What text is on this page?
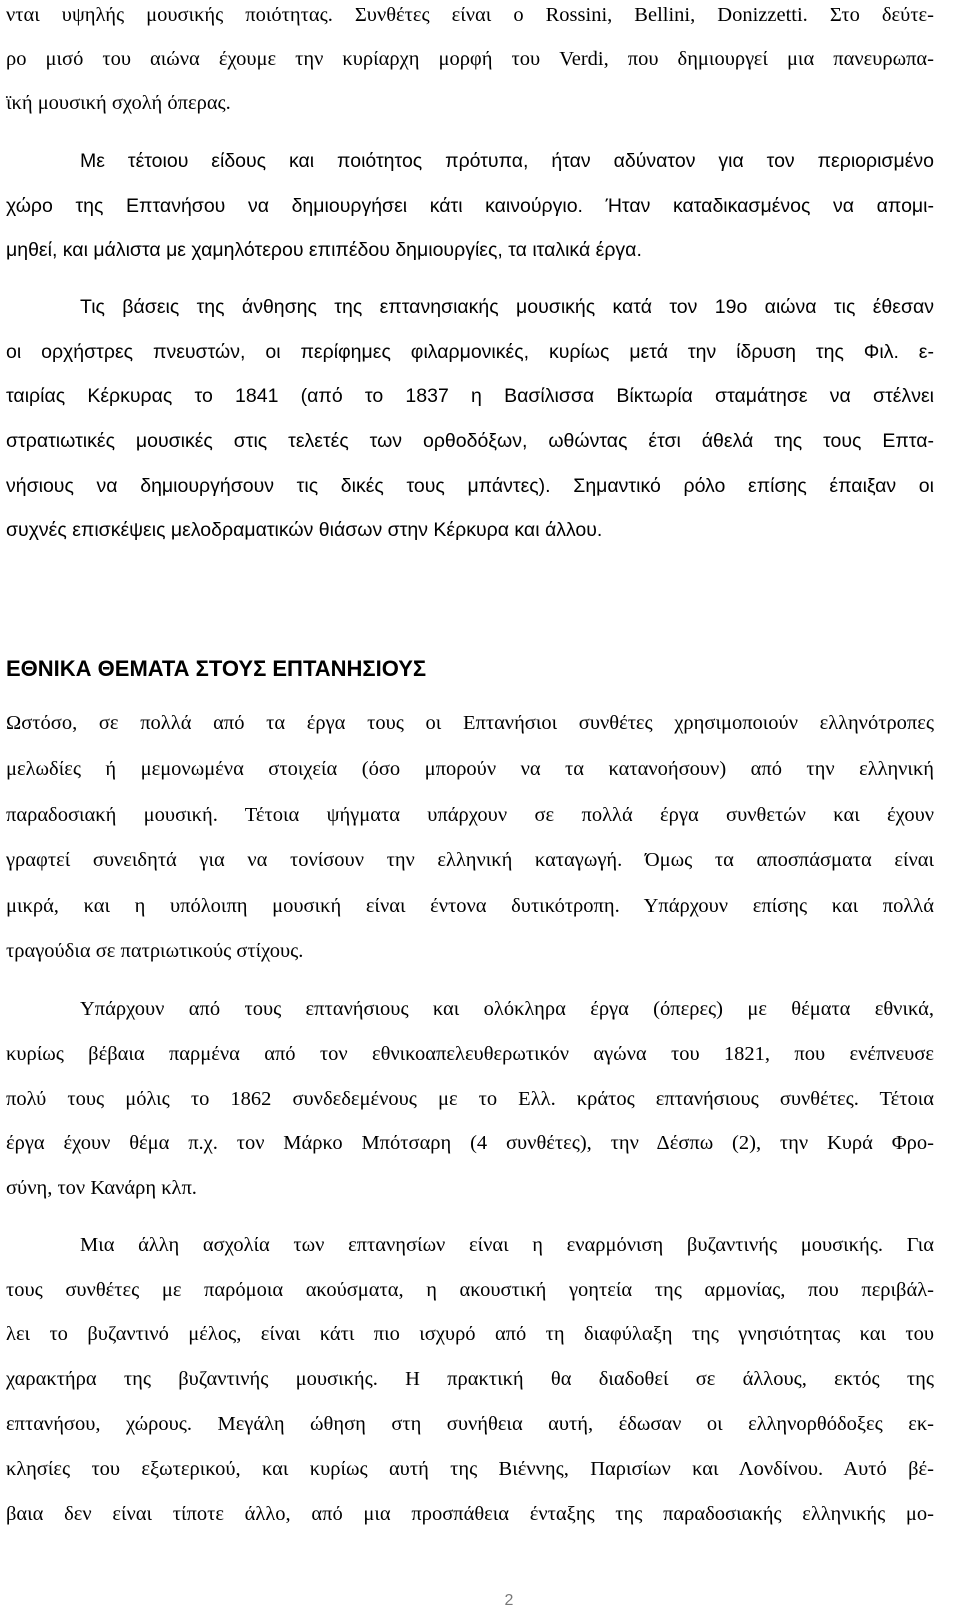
νται υψηλής μουσικής ποιότητας. Συνθέτες είναι ο Rossini, Bellini, Donizzetti. Στο δεύτε-
ρο μισό του αιώνα έχουμε την κυρίαρχη μορφή του Verdi, που δημιουργεί μια πανευρωπα-
ϊκή μουσική σχολή όπερας.
Με τέτοιου είδους και ποιότητος πρότυπα, ήταν αδύνατον για τον περιορισμένο
χώρο της Επτανήσου να δημιουργήσει κάτι καινούργιο. Ήταν καταδικασμένος να απομι-
μηθεί, και μάλιστα με χαμηλότερου επιπέδου δημιουργίες, τα ιταλικά έργα.
Τις βάσεις της άνθησης της επτανησιακής μουσικής κατά τον 19ο αιώνα τις έθεσαν
οι ορχήστρες πνευστών, οι περίφημες φιλαρμονικές, κυρίως μετά την ίδρυση της Φιλ. ε-
ταιρίας Κέρκυρας το 1841 (από το 1837 η Βασίλισσα Βίκτωρία σταμάτησε να στέλνει
στρατιωτικές μουσικές στις τελετές των ορθοδόξων, ωθώντας έτσι άθελά της τους Επτα-
νήσιους να δημιουργήσουν τις δικές τους μπάντες). Σημαντικό ρόλο επίσης έπαιξαν οι
συχνές επισκέψεις μελοδραματικών θιάσων στην Κέρκυρα και άλλου.
ΕΘΝΙΚΑ ΘΕΜΑΤΑ ΣΤΟΥΣ ΕΠΤΑΝΗΣΙΟΥΣ
Ωστόσο, σε πολλά από τα έργα τους οι Επτανήσιοι συνθέτες χρησιμοποιούν ελληνότροπες
μελωδίες ή μεμονωμένα στοιχεία (όσο μπορούν να τα κατανοήσουν) από την ελληνική
παραδοσιακή μουσική. Τέτοια ψήγματα υπάρχουν σε πολλά έργα συνθετών και έχουν
γραφτεί συνειδητά για να τονίσουν την ελληνική καταγωγή. Όμως τα αποσπάσματα είναι
μικρά, και η υπόλοιπη μουσική είναι έντονα δυτικότροπη. Υπάρχουν επίσης και πολλά
τραγούδια σε πατριωτικούς στίχους.
Υπάρχουν από τους επτανήσιους και ολόκληρα έργα (όπερες) με θέματα εθνικά,
κυρίως βέβαια παρμένα από τον εθνικοαπελευθερωτικόν αγώνα του 1821, που ενέπνευσε
πολύ τους μόλις το 1862 συνδεδεμένους με το Ελλ. κράτος επτανήσιους συνθέτες. Τέτοια
έργα έχουν θέμα π.χ. τον Μάρκο Μπότσαρη (4 συνθέτες), την Δέσπω (2), την Κυρά Φρο-
σύνη, τον Κανάρη κλπ.
Μια άλλη ασχολία των επτανησίων είναι η εναρμόνιση βυζαντινής μουσικής. Για
τους συνθέτες με παρόμοια ακούσματα, η ακουστική γοητεία της αρμονίας, που περιβάλ-
λει το βυζαντινό μέλος, είναι κάτι πιο ισχυρό από τη διαφύλαξη της γνησιότητας και του
χαρακτήρα της βυζαντινής μουσικής. Η πρακτική θα διαδοθεί σε άλλους, εκτός της
επτανήσου, χώρους. Μεγάλη ώθηση στη συνήθεια αυτή, έδωσαν οι ελληνορθόδοξες εκ-
κλησίες του εξωτερικού, και κυρίως αυτή της Βιέννης, Παρισίων και Λονδίνου. Αυτό βέ-
βαια δεν είναι τίποτε άλλο, από μια προσπάθεια ένταξης της παραδοσιακής ελληνικής μο-
2
